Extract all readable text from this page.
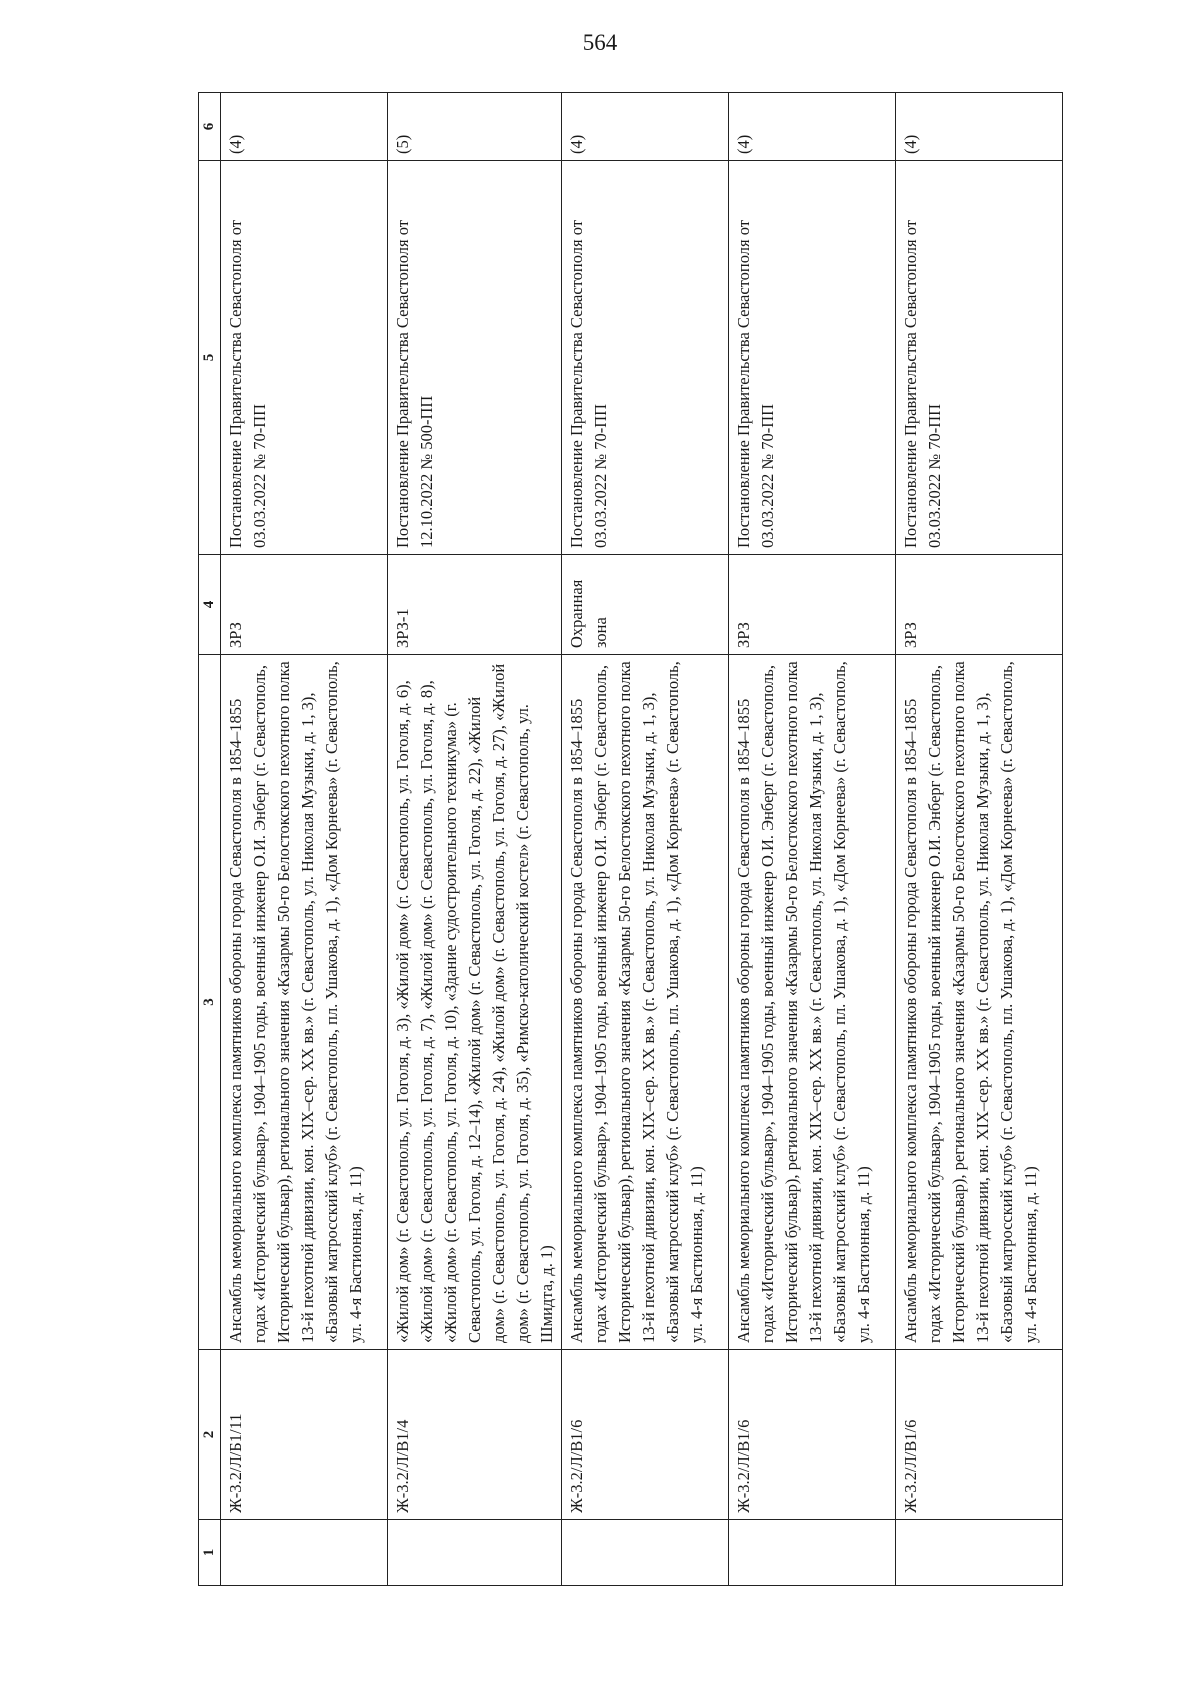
564
1	2	3	4	5	6
	Ж-3.2/Л/Б1/11	Ансамбль мемориального комплекса памятников обороны города Севастополя в 1854–1855 годах «Исторический бульвар», 1904–1905 годы, военный инженер О.И. Энберг (г. Севастополь, Исторический бульвар), регионального значения «Казармы 50-го Белостокского пехотного полка 13-й пехотной дивизии, кон. XIX–сер. XX вв.» (г. Севастополь, ул. Николая Музыки, д. 1, 3), «Базовый матросский клуб» (г. Севастополь, пл. Ушакова, д. 1), «Дом Корнеева» (г. Севастополь, ул. 4-я Бастионная, д. 11)	ЗРЗ	Постановление Правительства Севастополя от 03.03.2022 № 70-ПП	(4)
	Ж-3.2/Л/В1/4	«Жилой дом» (г. Севастополь, ул. Гоголя, д. 3), «Жилой дом» (г. Севастополь, ул. Гоголя, д. 6), «Жилой дом» (г. Севастополь, ул. Гоголя, д. 7), «Жилой дом» (г. Севастополь, ул. Гоголя, д. 8), «Жилой дом» (г. Севастополь, ул. Гоголя, д. 10), «Здание судостроительного техникума» (г. Севастополь, ул. Гоголя, д. 12–14), «Жилой дом» (г. Севастополь, ул. Гоголя, д. 22), «Жилой дом» (г. Севастополь, ул. Гоголя, д. 24), «Жилой дом» (г. Севастополь, ул. Гоголя, д. 27), «Жилой дом» (г. Севастополь, ул. Гоголя, д. 35), «Римско-католический костел» (г. Севастополь, ул. Шмидта, д. 1)	ЗРЗ-1	Постановление Правительства Севастополя от 12.10.2022 № 500-ПП	(5)
	Ж-3.2/Л/В1/6	Ансамбль мемориального комплекса памятников обороны города Севастополя в 1854–1855 годах «Исторический бульвар», 1904–1905 годы, военный инженер О.И. Энберг (г. Севастополь, Исторический бульвар), регионального значения «Казармы 50-го Белостокского пехотного полка 13-й пехотной дивизии, кон. XIX–сер. XX вв.» (г. Севастополь, ул. Николая Музыки, д. 1, 3), «Базовый матросский клуб» (г. Севастополь, пл. Ушакова, д. 1), «Дом Корнеева» (г. Севастополь, ул. 4-я Бастионная, д. 11)	Охранная зона	Постановление Правительства Севастополя от 03.03.2022 № 70-ПП	(4)
	Ж-3.2/Л/В1/6	Ансамбль мемориального комплекса памятников обороны города Севастополя в 1854–1855 годах «Исторический бульвар», 1904–1905 годы, военный инженер О.И. Энберг (г. Севастополь, Исторический бульвар), регионального значения «Казармы 50-го Белостокского пехотного полка 13-й пехотной дивизии, кон. XIX–сер. XX вв.» (г. Севастополь, ул. Николая Музыки, д. 1, 3), «Базовый матросский клуб» (г. Севастополь, пл. Ушакова, д. 1), «Дом Корнеева» (г. Севастополь, ул. 4-я Бастионная, д. 11)	ЗРЗ	Постановление Правительства Севастополя от 03.03.2022 № 70-ПП	(4)
	Ж-3.2/Л/В1/6	Ансамбль мемориального комплекса памятников обороны города Севастополя в 1854–1855 годах «Исторический бульвар», 1904–1905 годы, военный инженер О.И. Энберг (г. Севастополь, Исторический бульвар), регионального значения «Казармы 50-го Белостокского пехотного полка 13-й пехотной дивизии, кон. XIX–сер. XX вв.» (г. Севастополь, ул. Николая Музыки, д. 1, 3), «Базовый матросский клуб» (г. Севастополь, пл. Ушакова, д. 1), «Дом Корнеева» (г. Севастополь, ул. 4-я Бастионная, д. 11)	ЗРЗ	Постановление Правительства Севастополя от 03.03.2022 № 70-ПП	(4)
